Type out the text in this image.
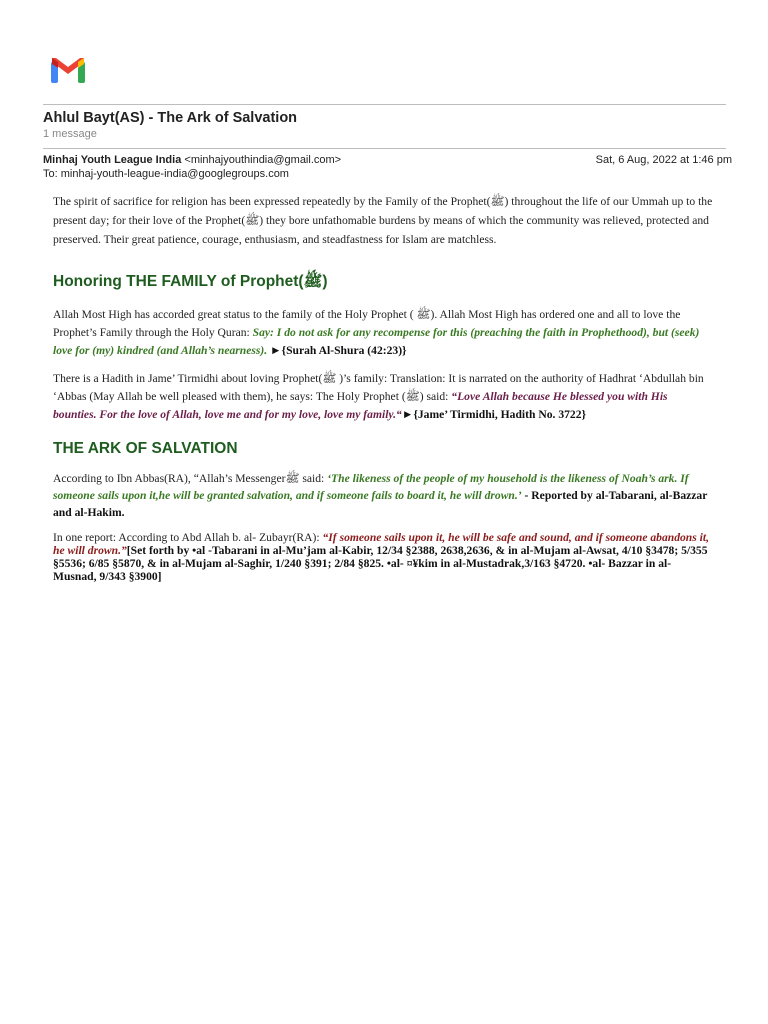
Ahlul Bayt(AS) - The Ark of Salvation
1 message
Minhaj Youth League India <minhajyouthindia@gmail.com>	Sat, 6 Aug, 2022 at 1:46 pm
To: minhaj-youth-league-india@googlegroups.com

The spirit of sacrifice for religion has been expressed repeatedly by the Family of the Prophet(ﷺ) throughout the life of our Ummah up to the present day; for their love of the Prophet(ﷺ) they bore unfathomable burdens by means of which the community was relieved, protected and preserved. Their great patience, courage, enthusiasm, and steadfastness for Islam are matchless.

Honoring THE FAMILY of Prophet(ﷺ)

Allah Most High has accorded great status to the family of the Holy Prophet ( ﷺ). Allah Most High has ordered one and all to love the Prophet’s Family through the Holy Quran: Say: I do not ask for any recompense for this (preaching the faith in Prophethood), but (seek) love for (my) kindred (and Allah’s nearness). ►{Surah Al-Shura (42:23)}

There is a Hadith in Jame’ Tirmidhi about loving Prophet(ﷺ )’s family: Translation: It is narrated on the authority of Hadhrat ‘Abdullah bin ‘Abbas (May Allah be well pleased with them), he says: The Holy Prophet (ﷺ) said: “Love Allah because He blessed you with His bounties. For the love of Allah, love me and for my love, love my family.“►{Jame’ Tirmidhi, Hadith No. 3722}

THE ARK OF SALVATION

According to Ibn Abbas(RA), “Allah’s Messengerﷺ said: ‘The likeness of the people of my household is the likeness of Noah’s ark. If someone sails upon it,he will be granted salvation, and if someone fails to board it, he will drown.’ - Reported by al-Tabarani, al-Bazzar and al-Hakim.

In one report: According to Abd Allah b. al- Zubayr(RA): “If someone sails upon it, he will be safe and sound, and if someone abandons it, he will drown.”[Set forth by •al -Tabarani in al-Mu’jam al-Kabir, 12/34 §2388, 2638,2636, & in al-Mujam al-Awsat, 4/10 §3478; 5/355 §5536; 6/85 §5870, & in al-Mujam al-Saghir, 1/240 §391; 2/84 §825. •al- ¤¥kim in al-Mustadrak,3/163 §4720. •al- Bazzar in al-Musnad, 9/343 §3900]
